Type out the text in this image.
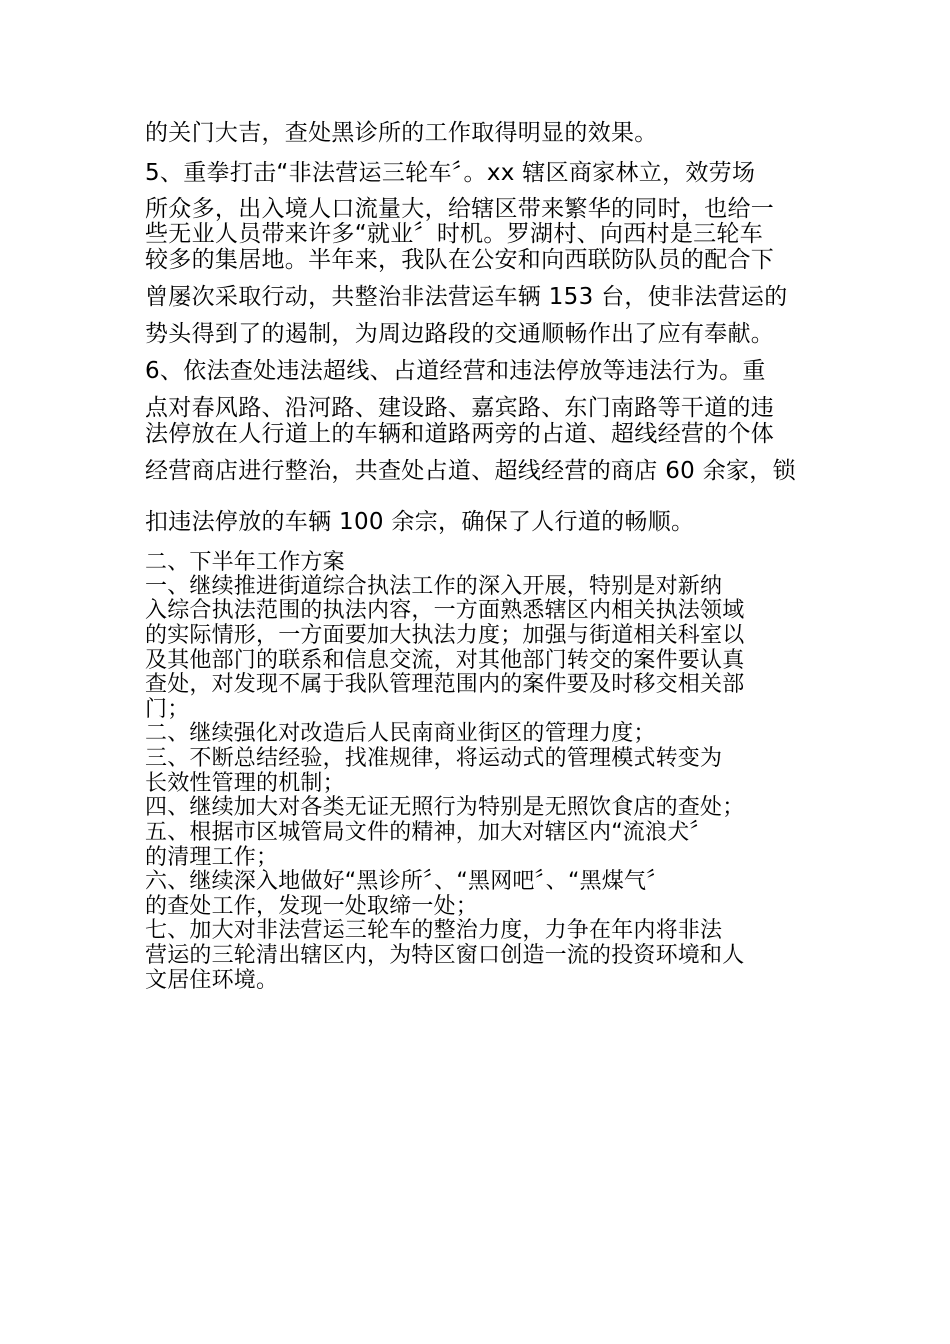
的关门大吉，查处黑诊所的工作取得明显的效果。
5、重拳打击“非法营运三轮车〞。xx 辖区商家林立，效劳场
所众多，出入境人口流量大，给辖区带来繁华的同时，也给一
些无业人员带来许多“就业〞时机。罗湖村、向西村是三轮车
较多的集居地。半年来，我队在公安和向西联防队员的配合下
曾屡次采取行动，共整治非法营运车辆 153 台，使非法营运的
势头得到了的遏制，为周边路段的交通顺畅作出了应有奉献。
6、依法查处违法超线、占道经营和违法停放等违法行为。重
点对春风路、沿河路、建设路、嘉宾路、东门南路等干道的违
法停放在人行道上的车辆和道路两旁的占道、超线经营的个体
经营商店进行整治，共查处占道、超线经营的商店 60 余家，锁
扣违法停放的车辆 100 余宗，确保了人行道的畅顺。
二、下半年工作方案
一、继续推进街道综合执法工作的深入开展，特别是对新纳
入综合执法范围的执法内容，一方面熟悉辖区内相关执法领域
的实际情形，一方面要加大执法力度；加强与街道相关科室以
及其他部门的联系和信息交流，对其他部门转交的案件要认真
查处，对发现不属于我队管理范围内的案件要及时移交相关部
门；
二、继续强化对改造后人民南商业街区的管理力度；
三、不断总结经验，找准规律，将运动式的管理模式转变为
长效性管理的机制；
四、继续加大对各类无证无照行为特别是无照饮食店的查处；
五、根据市区城管局文件的精神，加大对辖区内“流浪犬〞
的清理工作；
六、继续深入地做好“黑诊所〞、“黑网吧〞、“黑煤气〞
的查处工作，发现一处取缔一处；
七、加大对非法营运三轮车的整治力度，力争在年内将非法
营运的三轮清出辖区内，为特区窗口创造一流的投资环境和人
文居住环境。
